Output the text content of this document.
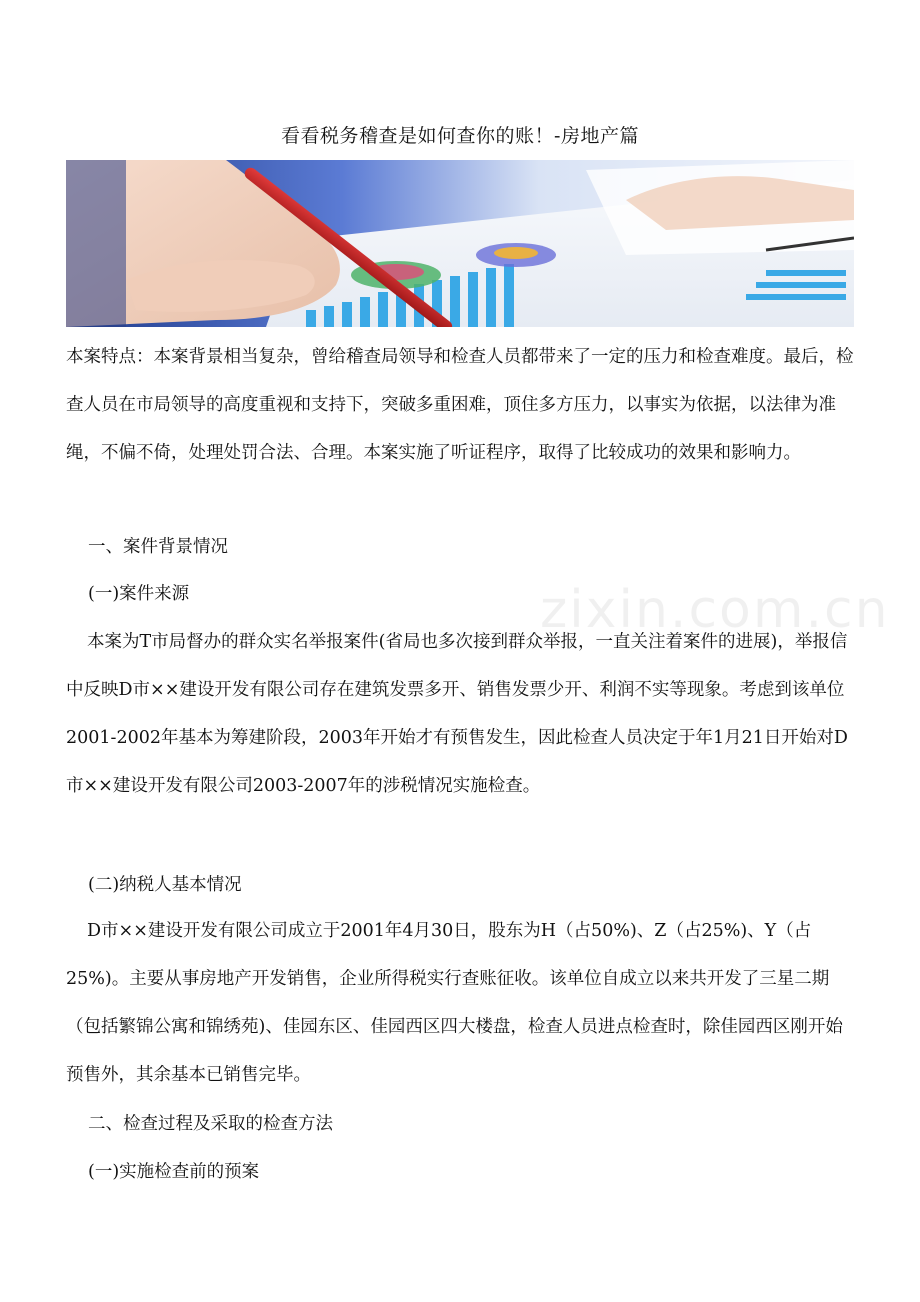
看看税务稽查是如何查你的账！-房地产篇
zixin.com.cn

本案特点：本案背景相当复杂，曾给稽查局领导和检查人员都带来了一定的压力和检查难度。最后，检查人员在市局领导的高度重视和支持下，突破多重困难，顶住多方压力，以事实为依据，以法律为准绳，不偏不倚，处理处罚合法、合理。本案实施了听证程序，取得了比较成功的效果和影响力。

一、案件背景情况

(一)案件来源

本案为T市局督办的群众实名举报案件(省局也多次接到群众举报，一直关注着案件的进展)，举报信中反映D市××建设开发有限公司存在建筑发票多开、销售发票少开、利润不实等现象。考虑到该单位2001-2002年基本为筹建阶段，2003年开始才有预售发生，因此检查人员决定于年1月21日开始对D市××建设开发有限公司2003-2007年的涉税情况实施检查。

(二)纳税人基本情况

D市××建设开发有限公司成立于2001年4月30日，股东为H（占50%)、Z（占25%)、Y（占25%)。主要从事房地产开发销售，企业所得税实行查账征收。该单位自成立以来共开发了三星二期（包括繁锦公寓和锦绣苑)、佳园东区、佳园西区四大楼盘，检查人员进点检查时，除佳园西区刚开始预售外，其余基本已销售完毕。

二、检查过程及采取的检查方法

(一)实施检查前的预案
